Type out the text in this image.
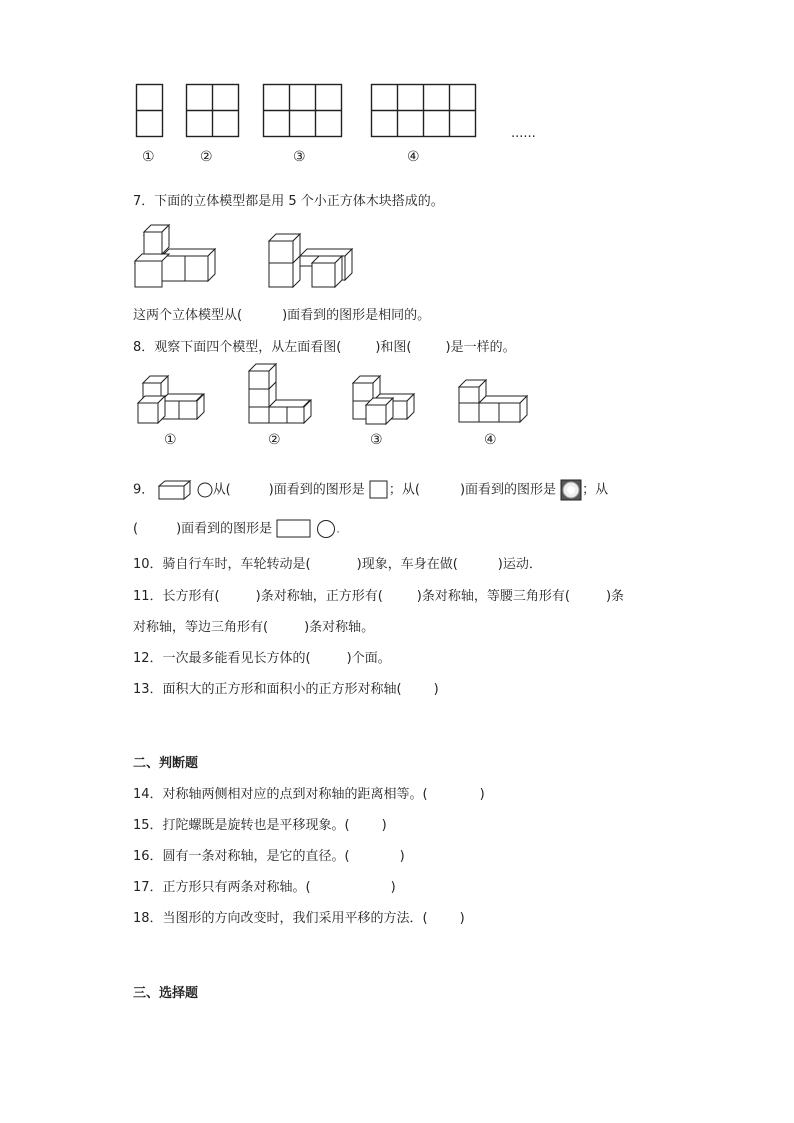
......
①	②	③	④
7．下面的立体模型都是用 5 个小正方体木块搭成的。
这两个立体模型从(	)面看到的图形是相同的。
8．观察下面四个模型，从左面看图(	)和图(	)是一样的。
①	②	③	④
9．
	从(	)面看到的图形是 ；从(	)面看到的图形是 ；从
(	)面看到的图形是
	.
10．骑自行车时，车轮转动是(	)现象，车身在做(	)运动．
11．长方形有(	)条对称轴，正方形有(	)条对称轴，等腰三角形有(	)条
对称轴，等边三角形有(	)条对称轴。
12．一次最多能看见长方体的(	)个面。
13．面积大的正方形和面积小的正方形对称轴( )
二、判断题
14．对称轴两侧相对应的点到对称轴的距离相等。(	)
15．打陀螺既是旋转也是平移现象。( )
16．圆有一条对称轴，是它的直径。(	)
17．正方形只有两条对称轴。(	)
18．当图形的方向改变时，我们采用平移的方法．( )
三、选择题
